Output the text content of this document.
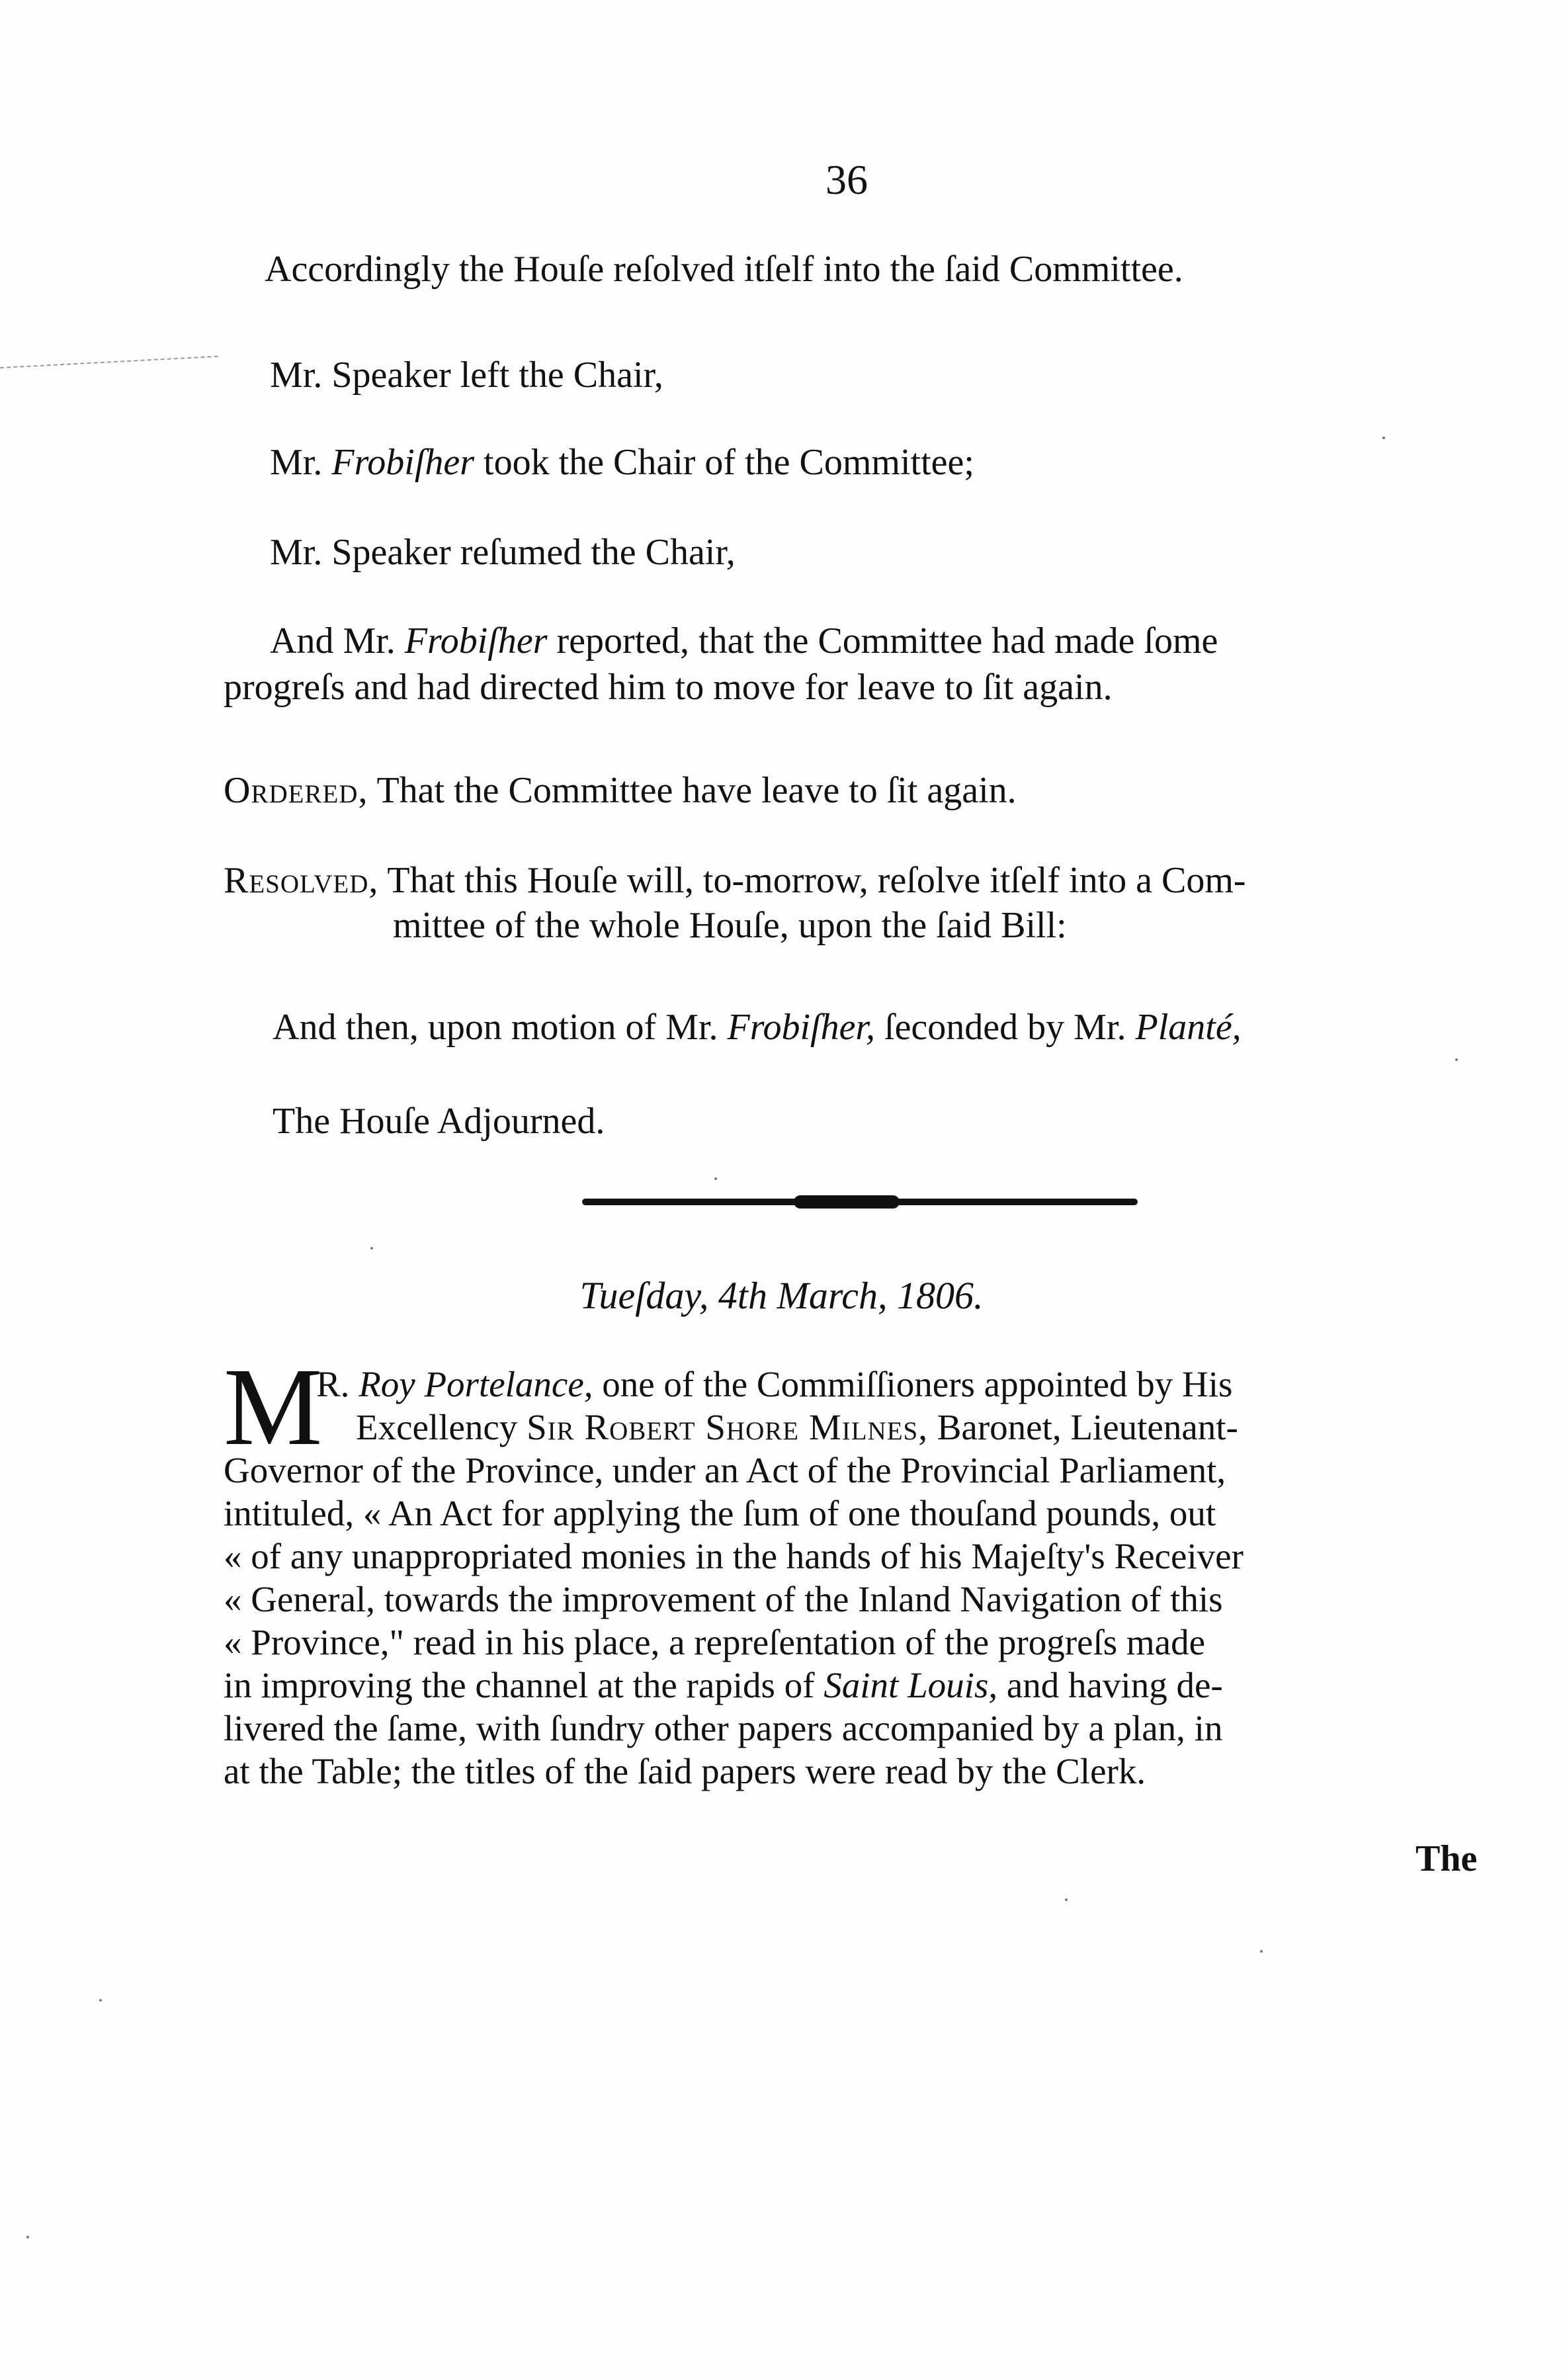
36
Accordingly the Houſe reſolved itſelf into the ſaid Committee.
Mr. Speaker left the Chair,
Mr. Frobiſher took the Chair of the Committee;
Mr. Speaker reſumed the Chair,
And Mr. Frobiſher reported, that the Committee had made ſome
progreſs and had directed him to move for leave to ſit again.
Ordered, That the Committee have leave to ſit again.
Resolved, That this Houſe will, to-morrow, reſolve itſelf into a Com-
mittee of the whole Houſe, upon the ſaid Bill:
And then, upon motion of Mr. Frobiſher, ſeconded by Mr. Planté,
The Houſe Adjourned.
Tueſday, 4th March, 1806.
M
R. Roy Portelance, one of the Commiſſioners appointed by His
Excellency Sir Robert Shore Milnes, Baronet, Lieutenant-
Governor of the Province, under an Act of the Provincial Parliament,
intituled, « An Act for applying the ſum of one thouſand pounds, out
« of any unappropriated monies in the hands of his Majeſty's Receiver
« General, towards the improvement of the Inland Navigation of this
« Province," read in his place, a repreſentation of the progreſs made
in improving the channel at the rapids of Saint Louis, and having de-
livered the ſame, with ſundry other papers accompanied by a plan, in
at the Table; the titles of the ſaid papers were read by the Clerk.
The
